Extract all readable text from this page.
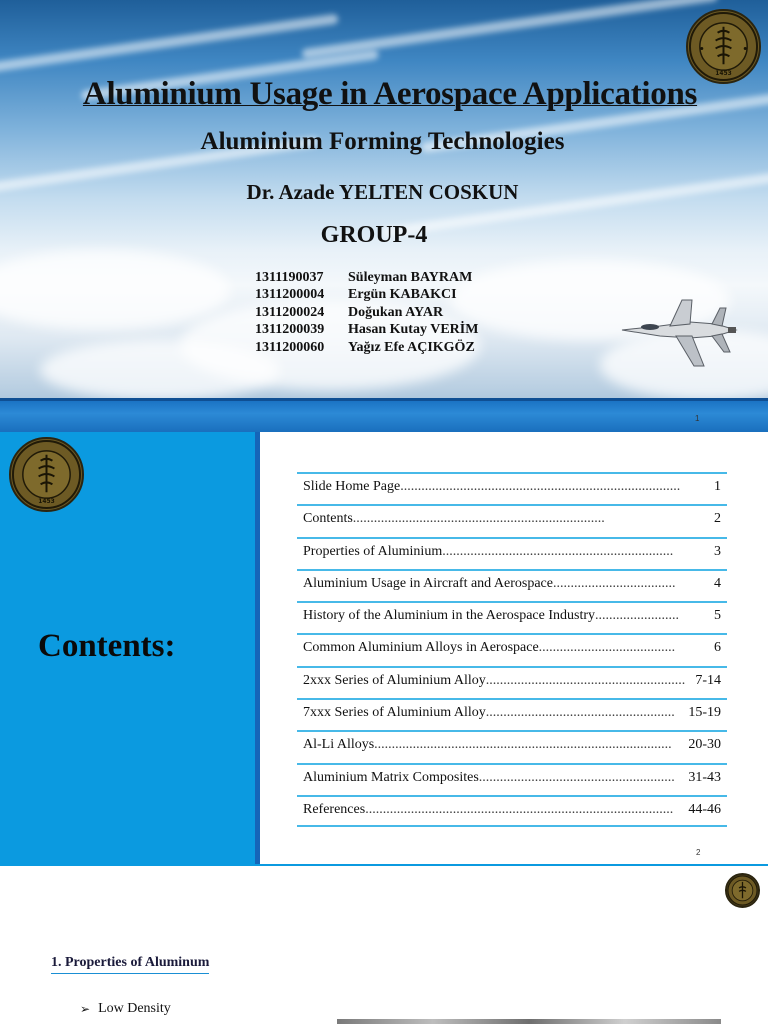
1453
Aluminium Usage in Aerospace Applications
Aluminium Forming Technologies
Dr. Azade YELTEN COSKUN
GROUP-4
1311190037	Süleyman BAYRAM
1311200004	Ergün KABAKCI
1311200024	Doğukan AYAR
1311200039	Hasan Kutay VERİM
1311200060	Yağız Efe AÇIKGÖZ
1
1453
Contents:
Slide Home Page ................................................................................	1
Contents ........................................................................	2
Properties of Aluminium ..................................................................	3
Aluminium Usage in Aircraft and Aerospace ...................................	4
History of the Aluminium in the Aerospace Industry ........................	5
Common Aluminium Alloys in Aerospace .......................................	6
2xxx Series of Aluminium Alloy ......................................................... 7-14
7xxx Series of Aluminium Alloy ...................................................... 15-19
Al-Li Alloys .....................................................................................	20-30
Aluminium Matrix Composites ........................................................ 31-43
References ........................................................................................	44-46
2
1. Properties of Aluminum
➢ Low Density
